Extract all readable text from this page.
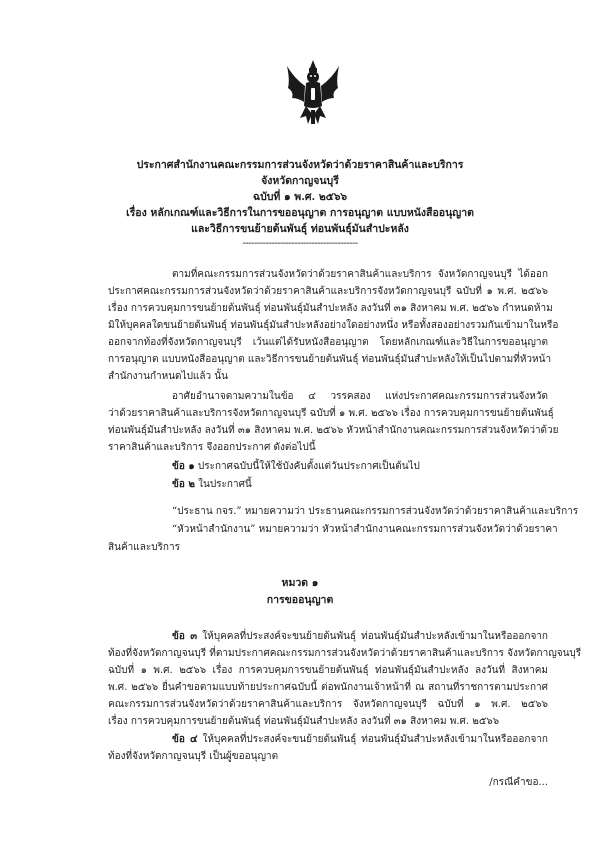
ประกาศสำนักงานคณะกรรมการส่วนจังหวัดว่าด้วยราคาสินค้าและบริการ
จังหวัดกาญจนบุรี
ฉบับที่ ๑ พ.ศ. ๒๕๖๖
เรื่อง หลักเกณฑ์และวิธีการในการขออนุญาต การอนุญาต แบบหนังสืออนุญาต
และวิธีการขนย้ายต้นพันธุ์ ท่อนพันธุ์มันสำปะหลัง
----------------------------------------
ตามที่คณะกรรมการส่วนจังหวัดว่าด้วยราคาสินค้าและบริการ จังหวัดกาญจนบุรี ได้ออก
ประกาศคณะกรรมการส่วนจังหวัดว่าด้วยราคาสินค้าและบริการจังหวัดกาญจนบุรี ฉบับที่ ๑ พ.ศ. ๒๕๖๖
เรื่อง การควบคุมการขนย้ายต้นพันธุ์ ท่อนพันธุ์มันสำปะหลัง ลงวันที่ ๓๑ สิงหาคม พ.ศ. ๒๕๖๖ กำหนดห้าม
มิให้บุคคลใดขนย้ายต้นพันธุ์ ท่อนพันธุ์มันสำปะหลังอย่างใดอย่างหนึ่ง หรือทั้งสองอย่างรวมกันเข้ามาในหรือ
ออกจากท้องที่จังหวัดกาญจนบุรี เว้นแต่ได้รับหนังสืออนุญาต โดยหลักเกณฑ์และวิธีในการขออนุญาต
การอนุญาต แบบหนังสืออนุญาต และวิธีการขนย้ายต้นพันธุ์ ท่อนพันธุ์มันสำปะหลังให้เป็นไปตามที่หัวหน้า
สำนักงานกำหนดไปแล้ว นั้น
อาศัยอำนาจตามความในข้อ ๔ วรรคสอง แห่งประกาศคณะกรรมการส่วนจังหวัด
ว่าด้วยราคาสินค้าและบริการจังหวัดกาญจนบุรี ฉบับที่ ๑ พ.ศ. ๒๕๖๖ เรื่อง การควบคุมการขนย้ายต้นพันธุ์
ท่อนพันธุ์มันสำปะหลัง ลงวันที่ ๓๑ สิงหาคม พ.ศ. ๒๕๖๖ หัวหน้าสำนักงานคณะกรรมการส่วนจังหวัดว่าด้วย
ราคาสินค้าและบริการ จึงออกประกาศ ดังต่อไปนี้
ข้อ ๑ ประกาศฉบับนี้ให้ใช้บังคับตั้งแต่วันประกาศเป็นต้นไป
ข้อ ๒ ในประกาศนี้
“ประธาน กจร.” หมายความว่า ประธานคณะกรรมการส่วนจังหวัดว่าด้วยราคาสินค้าและบริการ
“หัวหน้าสำนักงาน” หมายความว่า หัวหน้าสำนักงานคณะกรรมการส่วนจังหวัดว่าด้วยราคา
สินค้าและบริการ
หมวด ๑
การขออนุญาต
ข้อ ๓ ให้บุคคลที่ประสงค์จะขนย้ายต้นพันธุ์ ท่อนพันธุ์มันสำปะหลังเข้ามาในหรือออกจาก
ท้องที่จังหวัดกาญจนบุรี ที่ตามประกาศคณะกรรมการส่วนจังหวัดว่าด้วยราคาสินค้าและบริการ จังหวัดกาญจนบุรี
ฉบับที่ ๑ พ.ศ. ๒๕๖๖ เรื่อง การควบคุมการขนย้ายต้นพันธุ์ ท่อนพันธุ์มันสำปะหลัง ลงวันที่ สิงหาคม
พ.ศ. ๒๕๖๖ ยื่นคำขอตามแบบท้ายประกาศฉบับนี้ ต่อพนักงานเจ้าหน้าที่ ณ สถานที่ราชการตามประกาศ
คณะกรรมการส่วนจังหวัดว่าด้วยราคาสินค้าและบริการ จังหวัดกาญจนบุรี ฉบับที่ ๑ พ.ศ. ๒๕๖๖
เรื่อง การควบคุมการขนย้ายต้นพันธุ์ ท่อนพันธุ์มันสำปะหลัง ลงวันที่ ๓๑ สิงหาคม พ.ศ. ๒๕๖๖
ข้อ ๔ ให้บุคคลที่ประสงค์จะขนย้ายต้นพันธุ์ ท่อนพันธุ์มันสำปะหลังเข้ามาในหรือออกจาก
ท้องที่จังหวัดกาญจนบุรี เป็นผู้ขออนุญาต
/กรณีคำขอ...
